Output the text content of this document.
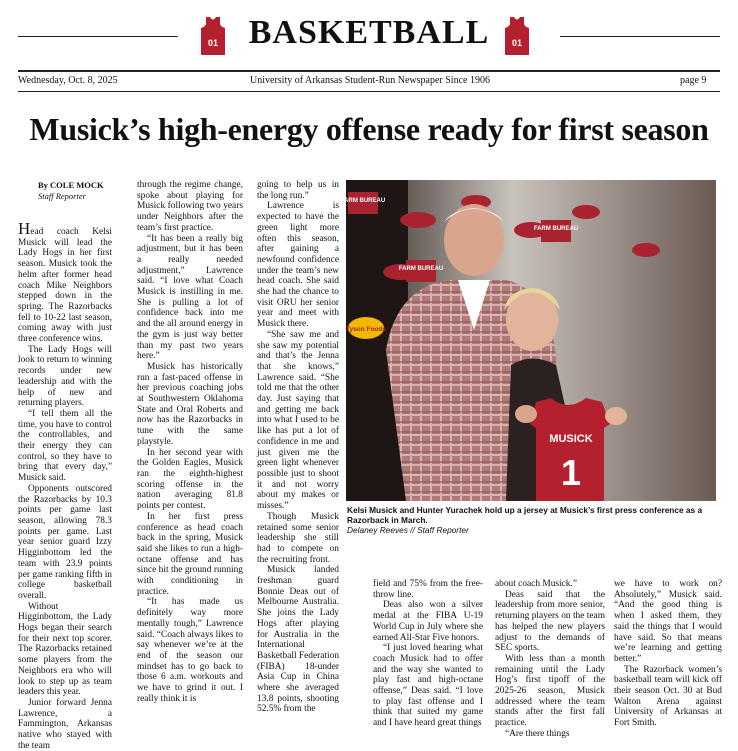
01 BASKETBALL	01
Wednesday, Oct. 8, 2025	University of Arkansas Student-Run Newspaper Since 1906	page 9
Musick’s high-energy offense ready for first season
By COLE MOCK
Staff Reporter

Head coach Kelsi Musick will lead the Lady Hogs in her first season. Musick took the helm after former head coach Mike Neighbors stepped down in the spring. The Razorbacks fell to 10-22 last season, coming away with just three conference wins.

The Lady Hogs will look to return to winning records under new leadership and with the help of new and returning players.

“I tell them all the time, you have to control the controllables, and their energy they can control, so they have to bring that every day,” Musick said.

Opponents outscored the Razorbacks by 10.3 points per game last season, allowing 78.3 points per game. Last year senior guard Izzy Higginbottom led the team with 23.9 points per game ranking fifth in college basketball overall.

Without Higginbottom, the Lady Hogs began their search for their next top scorer. The Razorbacks retained some players from the Neighbors era who will look to step up as team leaders this year.

Junior forward Jenna Lawrence, a Fammington, Arkansas native who stayed with the team

through the regime change, spoke about playing for Musick following two years under Neighbors after the team’s first practice.

“It has been a really big adjustment, but it has been a really needed adjustment,” Lawrence said. “I love what Coach Musick is instilling in me. She is pulling a lot of confidence back into me and the all around energy in the gym is just way better than my past two years here.”

Musick has historically run a fast-paced offense in her previous coaching jobs at Southwestern Oklahoma State and Oral Roberts and now has the Razorbacks in tune with the same playstyle.

In her second year with the Golden Eagles, Musick ran the eighth-highest scoring offense in the nation averaging 81.8 points per contest.

In her first press conference as head coach back in the spring, Musick said she likes to run a high-octane offense and has since hit the ground running with conditioning in practice.

“It has made us definitely way more mentally tough,” Lawrence said. “Coach always likes to say whenever we’re at the end of the season our mindset has to go back to those 6 a.m. workouts and we have to grind it out. I really think it is

going to help us in the long run.”

Lawrence is expected to have the green light more often this season, after gaining a newfound confidence under the team’s new head coach. She said she had the chance to visit ORU her senior year and meet with Musick there.

“She saw me and she saw my potential and that’s the Jenna that she knows,” Lawrence said. “She told me that the other day. Just saying that and getting me back into what I used to be like has put a lot of confidence in me and just given me the green light whenever possible just to shoot it and not worry about my makes or misses.”

Though Musick retained some senior leadership she still had to compete on the recruiting front.

Musick landed freshman guard Bonnie Deas out of Melbourne Australia. She joins the Lady Hogs after playing for Australia in the International Basketball Federation (FIBA) 18-under Asia Cup in China where she averaged 13.8 points, shooting 52.5% from the

field and 75% from the free-throw line.

Deas also won a silver medal at the FIBA U-19 World Cup in July where she earned All-Star Five honors.

“I just loved hearing what coach Musick had to offer and the way she wanted to play fast and high-octane offense,” Deas said. “I love to play fast offense and I think that suited my game and I have heard great things

about coach Musick.”

Deas said that the leadership from more senior, returning players on the team has helped the new players adjust to the demands of SEC sports.

With less than a month remaining until the Lady Hog’s first tipoff of the 2025-26 season, Musick addressed where the team stands after the first fall practice.

“Are there things

we have to work on? Absolutely,” Musick said. “And the good thing is when I asked them, they said the things that I would have said. So that means we’re learning and getting better.”

The Razorback women’s basketball team will kick off their season Oct. 30 at Bud Walton Arena against University of Arkansas at Fort Smith.

FARM BUREAU
FARM BUREAU
FARM BUREAU
Tyson Foods
MUSICK
1
Kelsi Musick and Hunter Yurachek hold up a jersey at Musick’s first press conference as a Razorback in March.
Delaney Reeves // Staff Reporter
